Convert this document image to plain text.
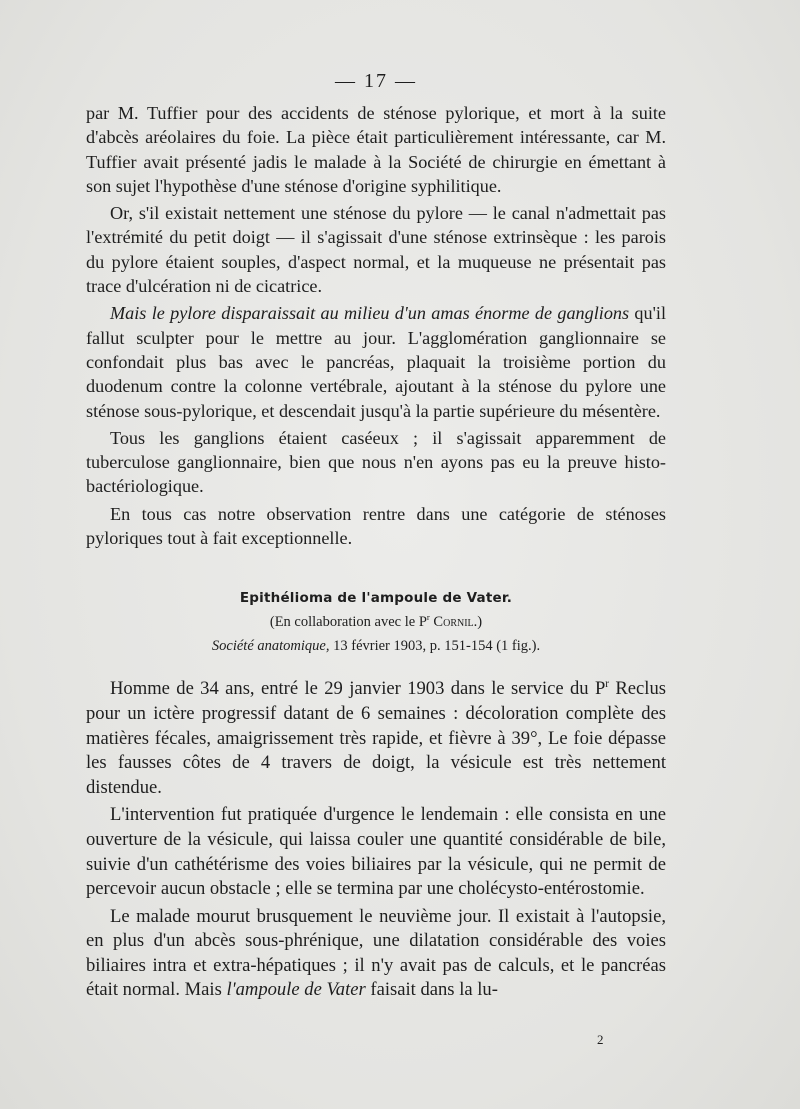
— 17 —

par M. Tuffier pour des accidents de sténose pylorique, et mort à la suite d'abcès aréolaires du foie. La pièce était particulièrement intéressante, car M. Tuffier avait présenté jadis le malade à la Société de chirurgie en émettant à son sujet l'hypothèse d'une sténose d'origine syphilitique.

Or, s'il existait nettement une sténose du pylore — le canal n'admettait pas l'extrémité du petit doigt — il s'agissait d'une sténose extrinsèque : les parois du pylore étaient souples, d'aspect normal, et la muqueuse ne présentait pas trace d'ulcération ni de cicatrice.

Mais le pylore disparaissait au milieu d'un amas énorme de ganglions qu'il fallut sculpter pour le mettre au jour. L'agglomération ganglionnaire se confondait plus bas avec le pancréas, plaquait la troisième portion du duodenum contre la colonne vertébrale, ajoutant à la sténose du pylore une sténose sous-pylorique, et descendait jusqu'à la partie supérieure du mésentère.

Tous les ganglions étaient caséeux ; il s'agissait apparemment de tuberculose ganglionnaire, bien que nous n'en ayons pas eu la preuve histo-bactériologique.

En tous cas notre observation rentre dans une catégorie de sténoses pyloriques tout à fait exceptionnelle.

Epithélioma de l'ampoule de Vater.
(En collaboration avec le $P^r$ Cornil.)
Société anatomique, 13 février 1903, p. 151-154 (1 fig.).

Homme de 34 ans, entré le 29 janvier 1903 dans le service du $P^r$ Reclus pour un ictère progressif datant de 6 semaines : décoloration complète des matières fécales, amaigrissement très rapide, et fièvre à 39°, Le foie dépasse les fausses côtes de 4 travers de doigt, la vésicule est très nettement distendue.

L'intervention fut pratiquée d'urgence le lendemain : elle consista en une ouverture de la vésicule, qui laissa couler une quantité considérable de bile, suivie d'un cathétérisme des voies biliaires par la vésicule, qui ne permit de percevoir aucun obstacle ; elle se termina par une cholécysto-entérostomie.

Le malade mourut brusquement le neuvième jour. Il existait à l'autopsie, en plus d'un abcès sous-phrénique, une dilatation considérable des voies biliaires intra et extra-hépatiques ; il n'y avait pas de calculs, et le pancréas était normal. Mais l'ampoule de Vater faisait dans la lu-

2
